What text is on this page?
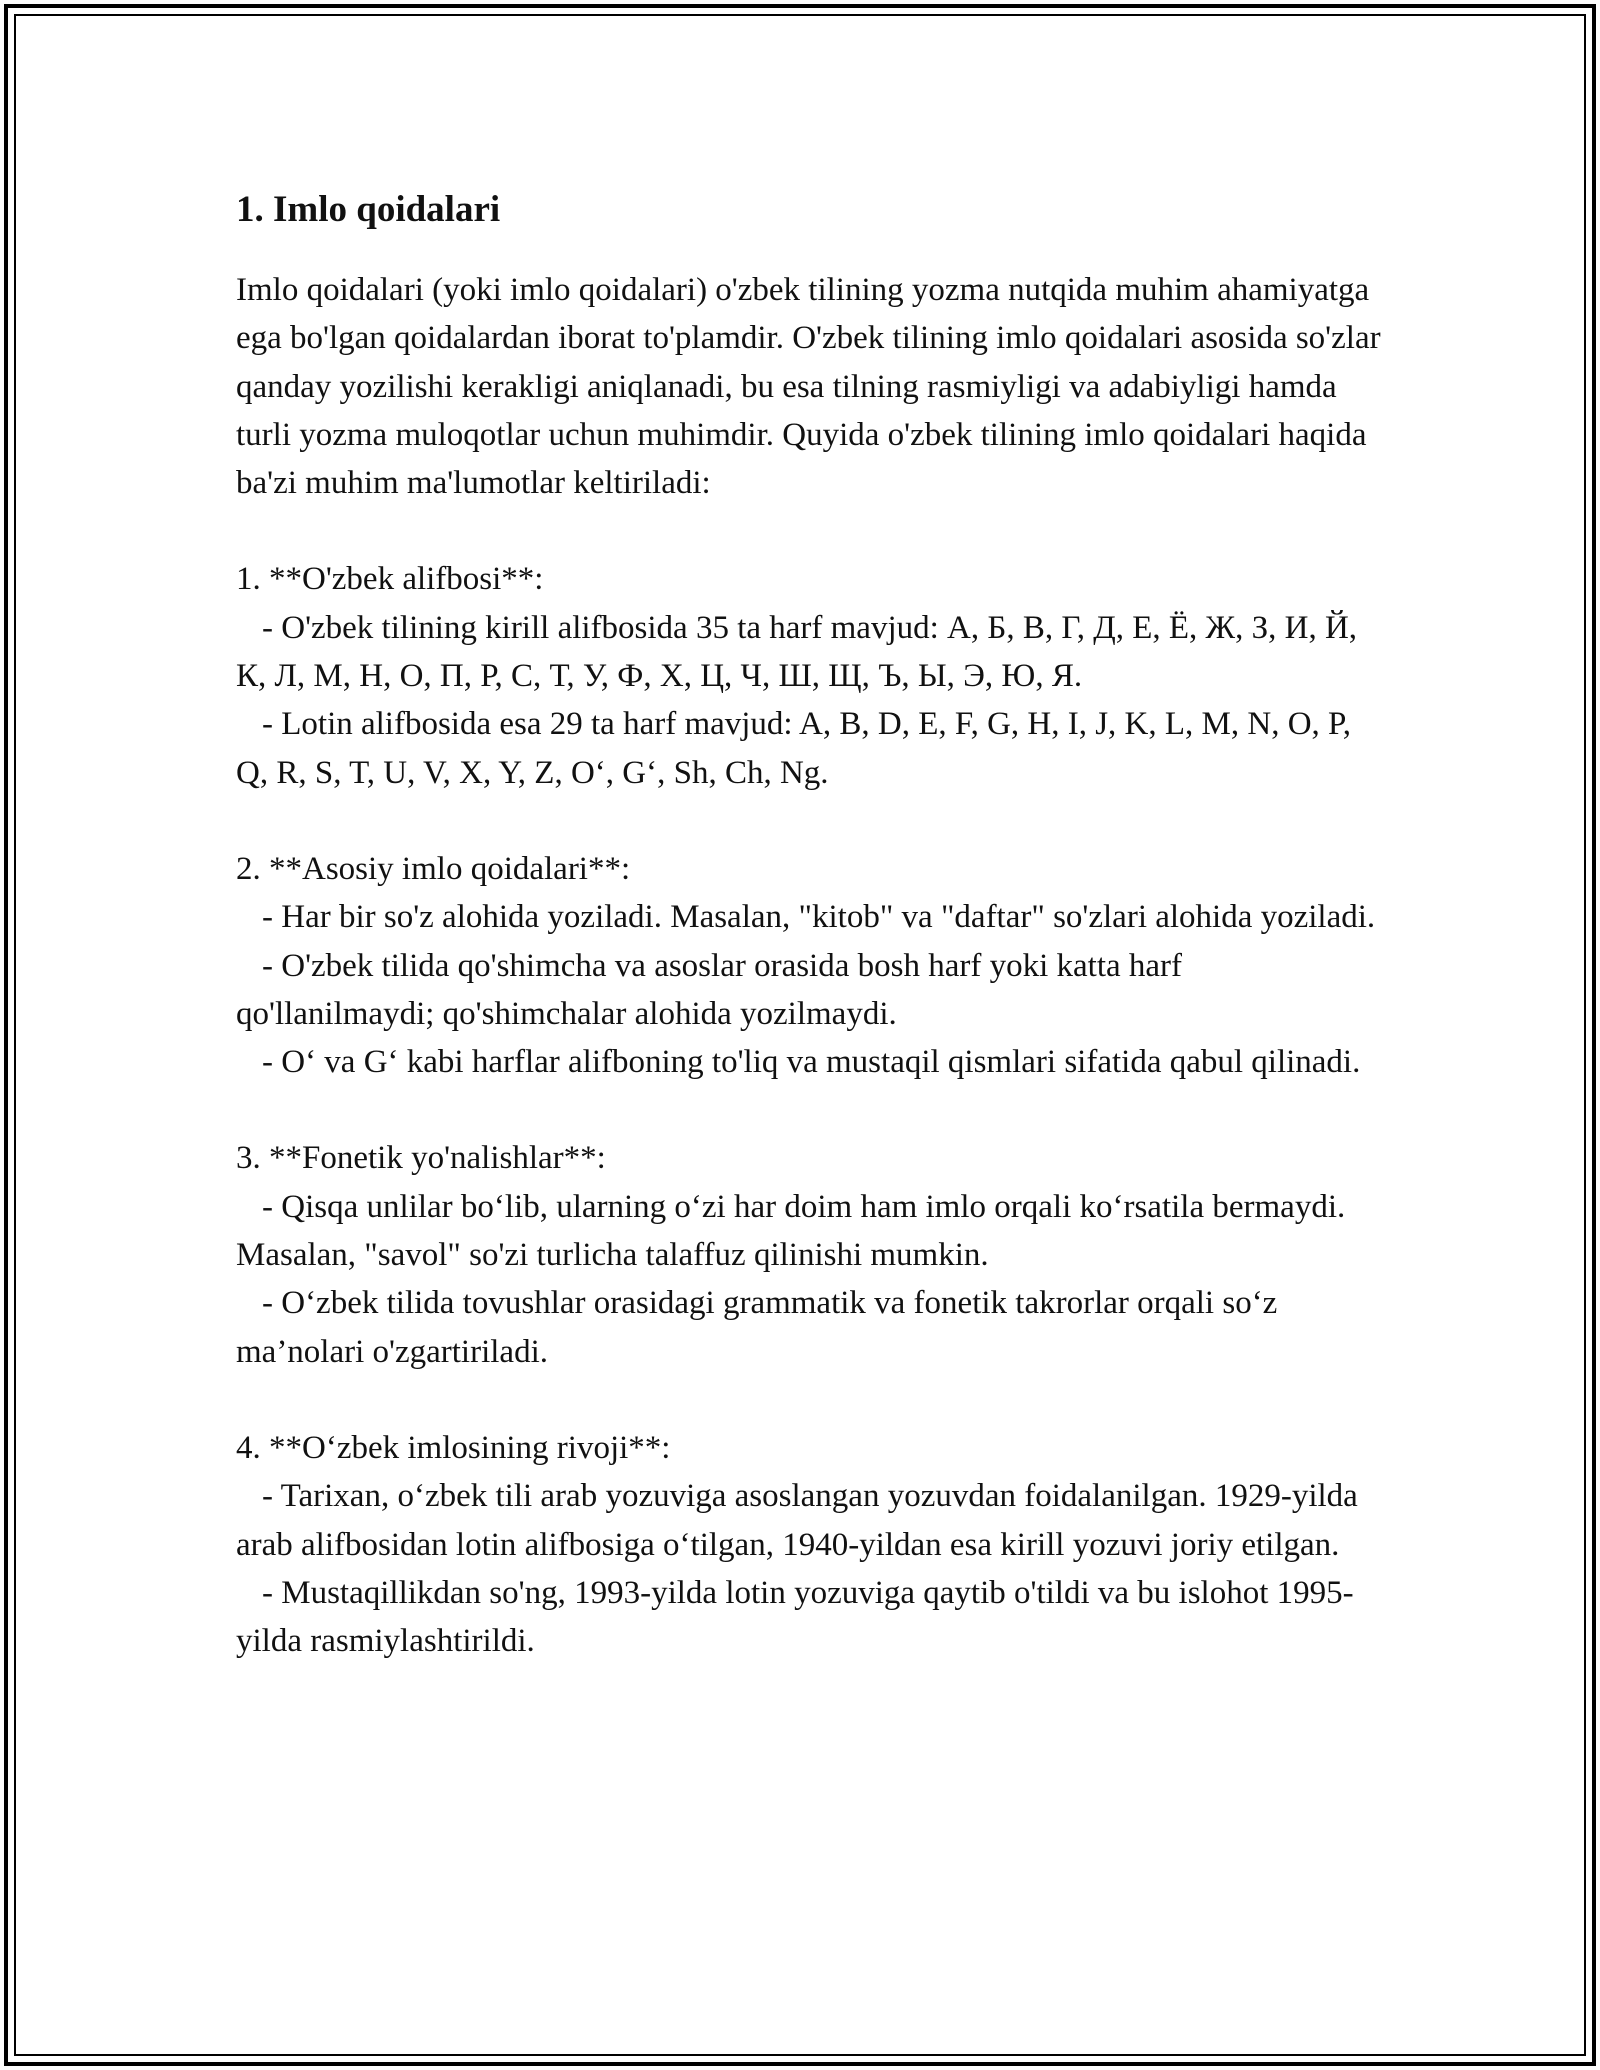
1. Imlo qoidalari

Imlo qoidalari (yoki imlo qoidalari) o'zbek tilining yozma nutqida muhim ahamiyatga ega bo'lgan qoidalardan iborat to'plamdir. O'zbek tilining imlo qoidalari asosida so'zlar qanday yozilishi kerakligi aniqlanadi, bu esa tilning rasmiyligi va adabiyligi hamda turli yozma muloqotlar uchun muhimdir. Quyida o'zbek tilining imlo qoidalari haqida ba'zi muhim ma'lumotlar keltiriladi:

1. **O'zbek alifbosi**:

- O'zbek tilining kirill alifbosida 35 ta harf mavjud: А, Б, В, Г, Д, Е, Ё, Ж, З, И, Й, К, Л, М, Н, О, П, Р, С, Т, У, Ф, Х, Ц, Ч, Ш, Щ, Ъ, Ы, Э, Ю, Я.

- Lotin alifbosida esa 29 ta harf mavjud: A, B, D, E, F, G, H, I, J, K, L, M, N, O, P, Q, R, S, T, U, V, X, Y, Z, O‘, G‘, Sh, Ch, Ng.

2. **Asosiy imlo qoidalari**:

- Har bir so'z alohida yoziladi. Masalan, "kitob" va "daftar" so'zlari alohida yoziladi.

- O'zbek tilida qo'shimcha va asoslar orasida bosh harf yoki katta harf qo'llanilmaydi; qo'shimchalar alohida yozilmaydi.

- O‘ va G‘ kabi harflar alifboning to'liq va mustaqil qismlari sifatida qabul qilinadi.

3. **Fonetik yo'nalishlar**:

- Qisqa unlilar bo‘lib, ularning o‘zi har doim ham imlo orqali ko‘rsatila bermaydi. Masalan, "savol" so'zi turlicha talaffuz qilinishi mumkin.

- O‘zbek tilida tovushlar orasidagi grammatik va fonetik takrorlar orqali so‘z ma’nolari o'zgartiriladi.

4. **O‘zbek imlosining rivoji**:

- Tarixan, o‘zbek tili arab yozuviga asoslangan yozuvdan foidalanilgan. 1929-yilda arab alifbosidan lotin alifbosiga o‘tilgan, 1940-yildan esa kirill yozuvi joriy etilgan.

- Mustaqillikdan so'ng, 1993-yilda lotin yozuviga qaytib o'tildi va bu islohot 1995-yilda rasmiylashtirildi.
